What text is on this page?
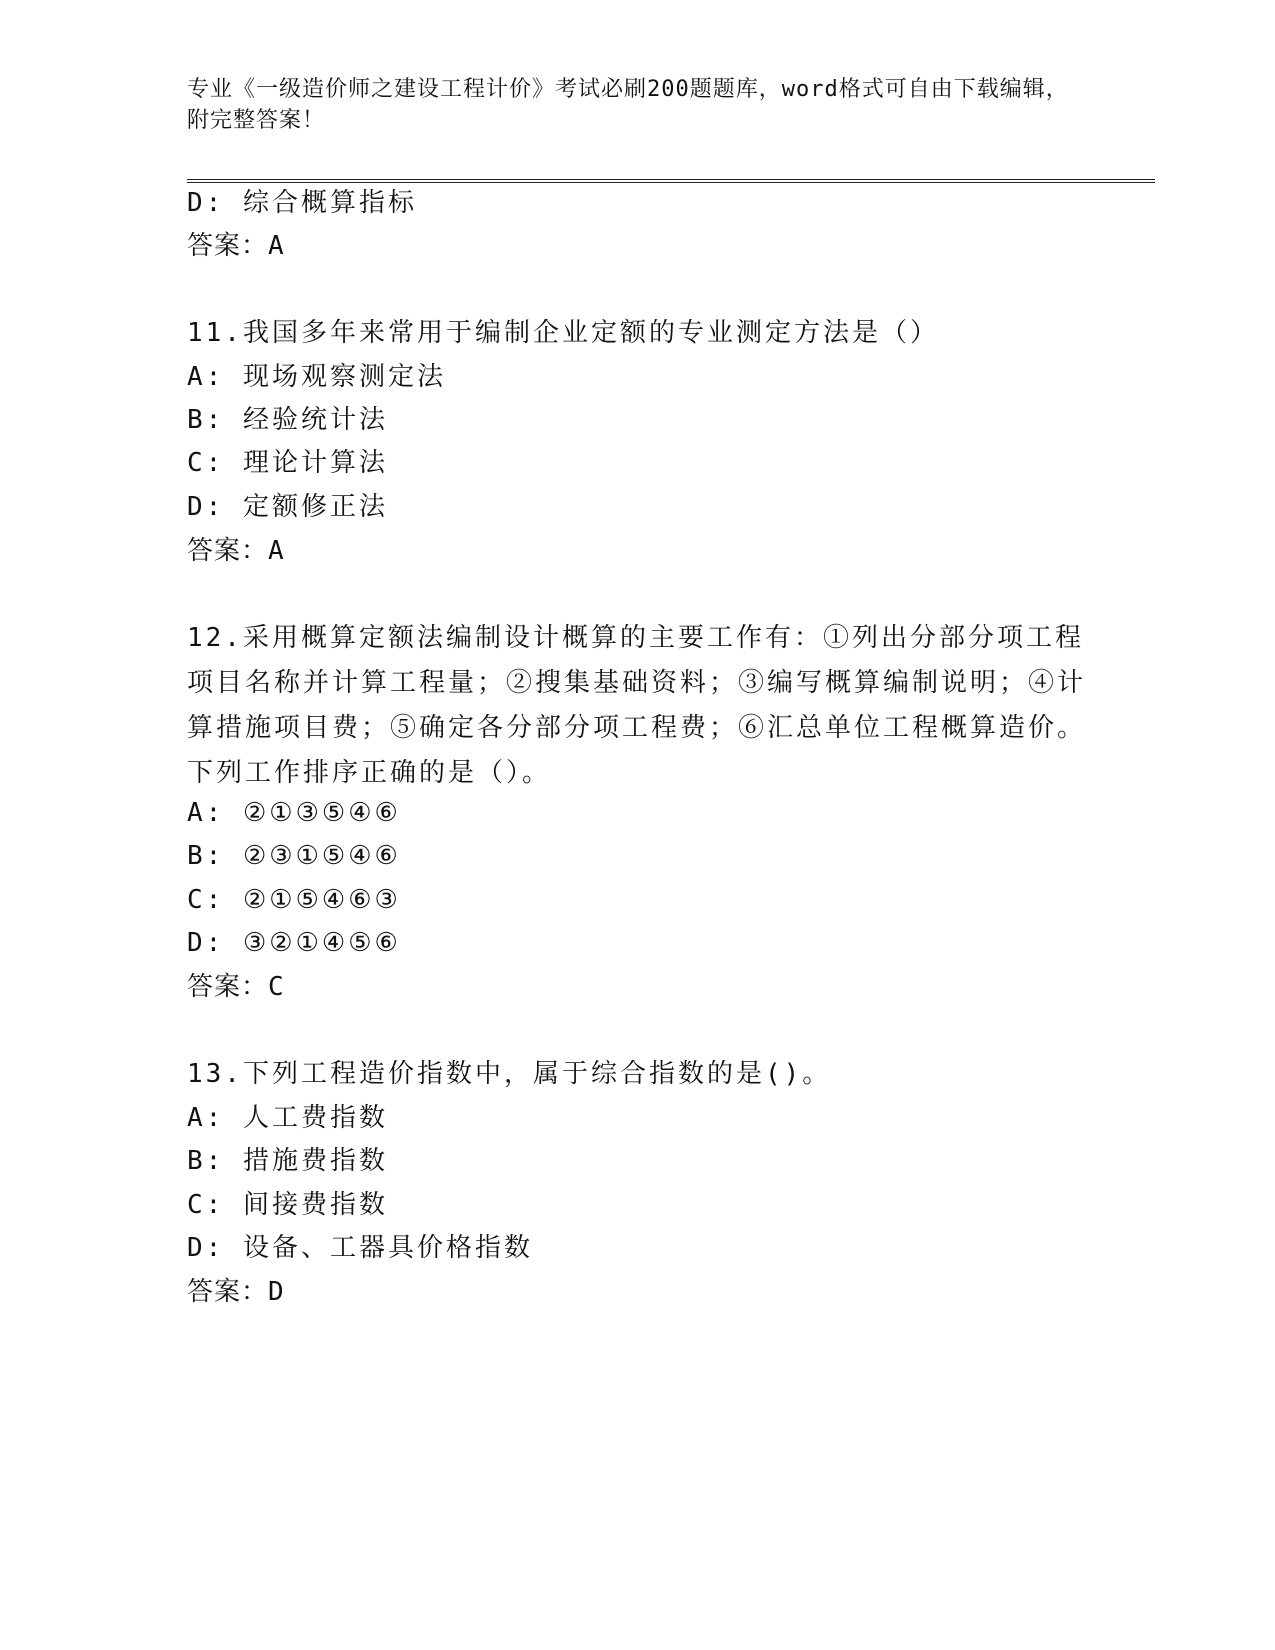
专业《一级造价师之建设工程计价》考试必刷200题题库，word格式可自由下载编辑，附完整答案！
D: 综合概算指标
答案：A
11.我国多年来常用于编制企业定额的专业测定方法是（）
A: 现场观察测定法
B: 经验统计法
C: 理论计算法
D: 定额修正法
答案：A
12.采用概算定额法编制设计概算的主要工作有：①列出分部分项工程项目名称并计算工程量；②搜集基础资料；③编写概算编制说明；④计算措施项目费；⑤确定各分部分项工程费；⑥汇总单位工程概算造价。下列工作排序正确的是（）。
A: ②①③⑤④⑥
B: ②③①⑤④⑥
C: ②①⑤④⑥③
D: ③②①④⑤⑥
答案：C
13.下列工程造价指数中，属于综合指数的是()。
A: 人工费指数
B: 措施费指数
C: 间接费指数
D: 设备、工器具价格指数
答案：D
